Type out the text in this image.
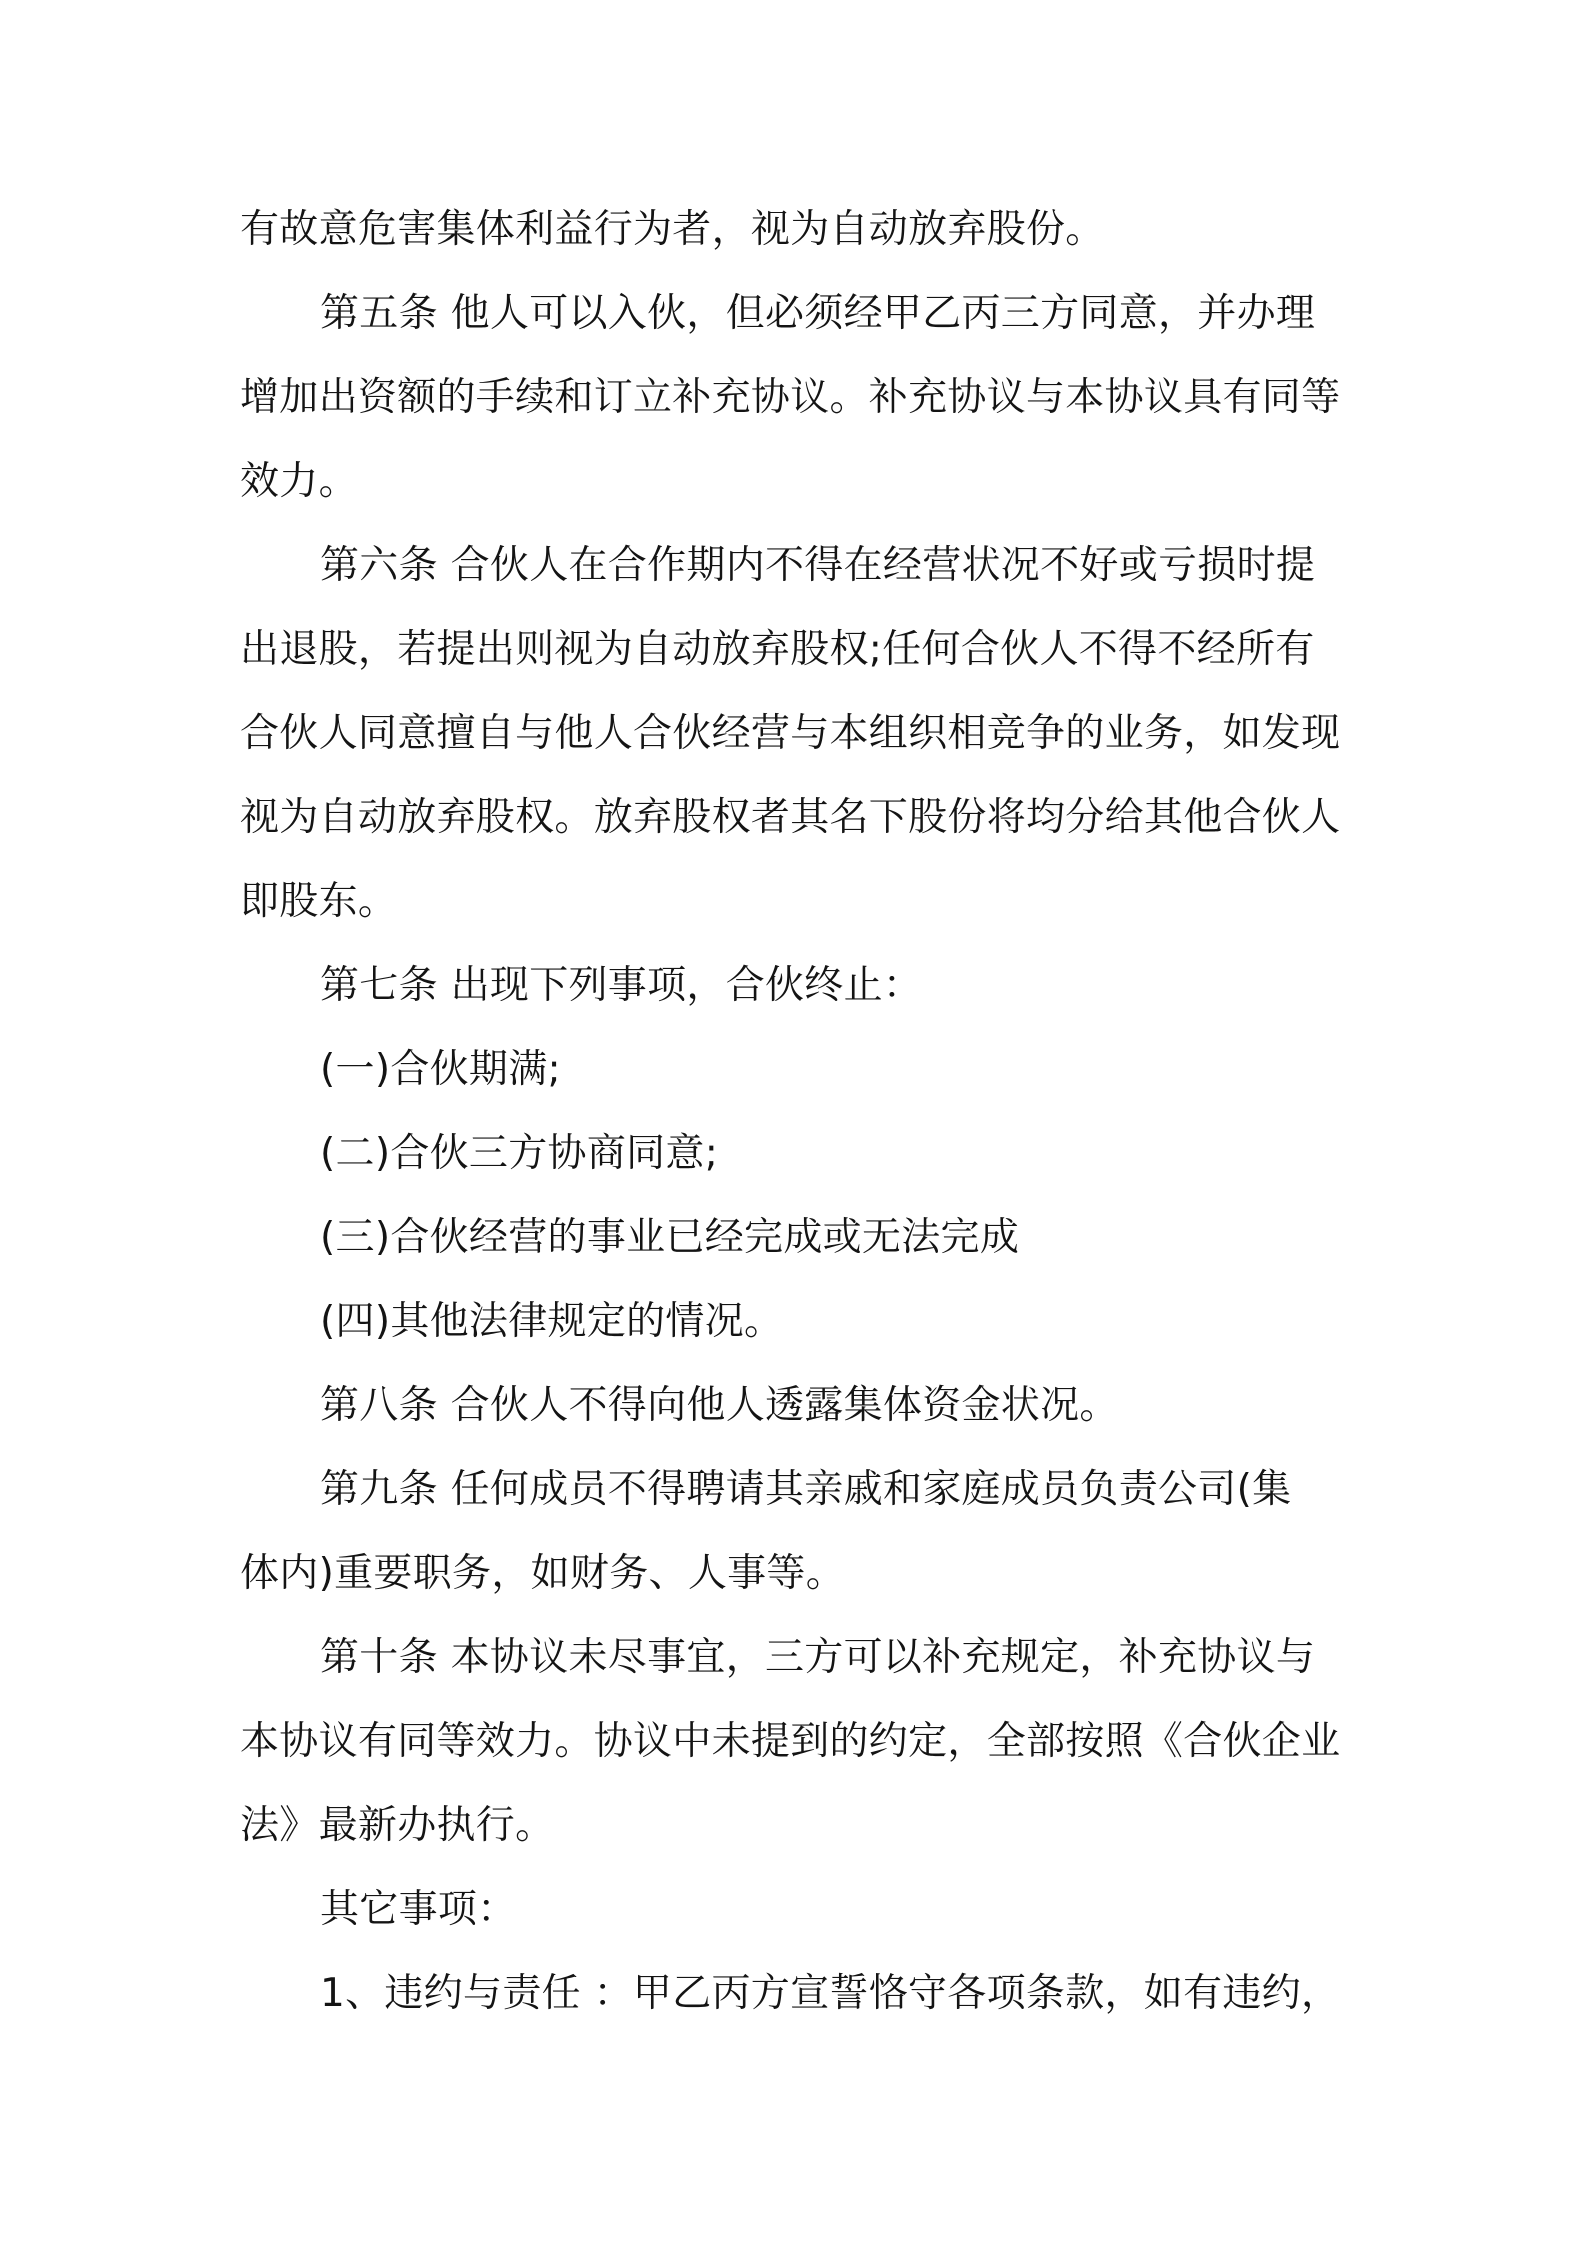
有故意危害集体利益行为者，视为自动放弃股份。
第五条 他人可以入伙，但必须经甲乙丙三方同意，并办理
增加出资额的手续和订立补充协议。补充协议与本协议具有同等
效力。
第六条 合伙人在合作期内不得在经营状况不好或亏损时提
出退股，若提出则视为自动放弃股权;任何合伙人不得不经所有
合伙人同意擅自与他人合伙经营与本组织相竞争的业务，如发现
视为自动放弃股权。放弃股权者其名下股份将均分给其他合伙人
即股东。
第七条 出现下列事项，合伙终止：
(一)合伙期满;
(二)合伙三方协商同意;
(三)合伙经营的事业已经完成或无法完成
(四)其他法律规定的情况。
第八条 合伙人不得向他人透露集体资金状况。
第九条 任何成员不得聘请其亲戚和家庭成员负责公司(集
体内)重要职务，如财务、人事等。
第十条 本协议未尽事宜，三方可以补充规定，补充协议与
本协议有同等效力。协议中未提到的约定，全部按照《合伙企业
法》最新办执行。
其它事项：
1、违约与责任 ：甲乙丙方宣誓恪守各项条款，如有违约，
